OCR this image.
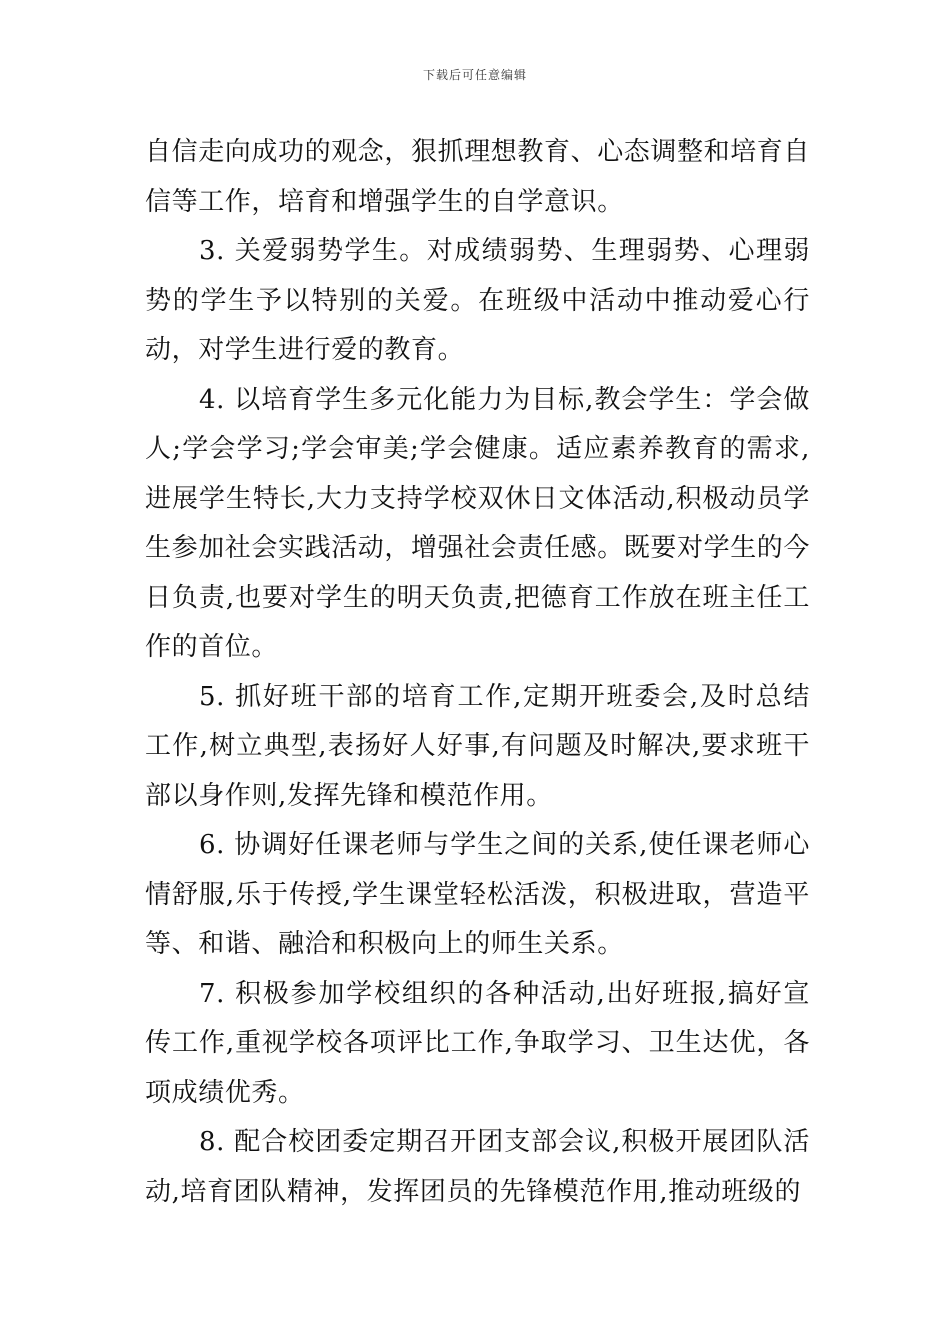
下载后可任意编辑

自信走向成功的观念，狠抓理想教育、心态调整和培育自信等工作，培育和增强学生的自学意识。

3. 关爱弱势学生。对成绩弱势、生理弱势、心理弱势的学生予以特别的关爱。在班级中活动中推动爱心行动，对学生进行爱的教育。

4. 以培育学生多元化能力为目标,教会学生：学会做人;学会学习;学会审美;学会健康。适应素养教育的需求,进展学生特长,大力支持学校双休日文体活动,积极动员学生参加社会实践活动，增强社会责任感。既要对学生的今日负责,也要对学生的明天负责,把德育工作放在班主任工作的首位。

5. 抓好班干部的培育工作,定期开班委会,及时总结工作,树立典型,表扬好人好事,有问题及时解决,要求班干部以身作则,发挥先锋和模范作用。

6. 协调好任课老师与学生之间的关系,使任课老师心情舒服,乐于传授,学生课堂轻松活泼，积极进取，营造平等、和谐、融洽和积极向上的师生关系。

7. 积极参加学校组织的各种活动,出好班报,搞好宣传工作,重视学校各项评比工作,争取学习、卫生达优，各项成绩优秀。

8. 配合校团委定期召开团支部会议,积极开展团队活动,培育团队精神，发挥团员的先锋模范作用,推动班级的
